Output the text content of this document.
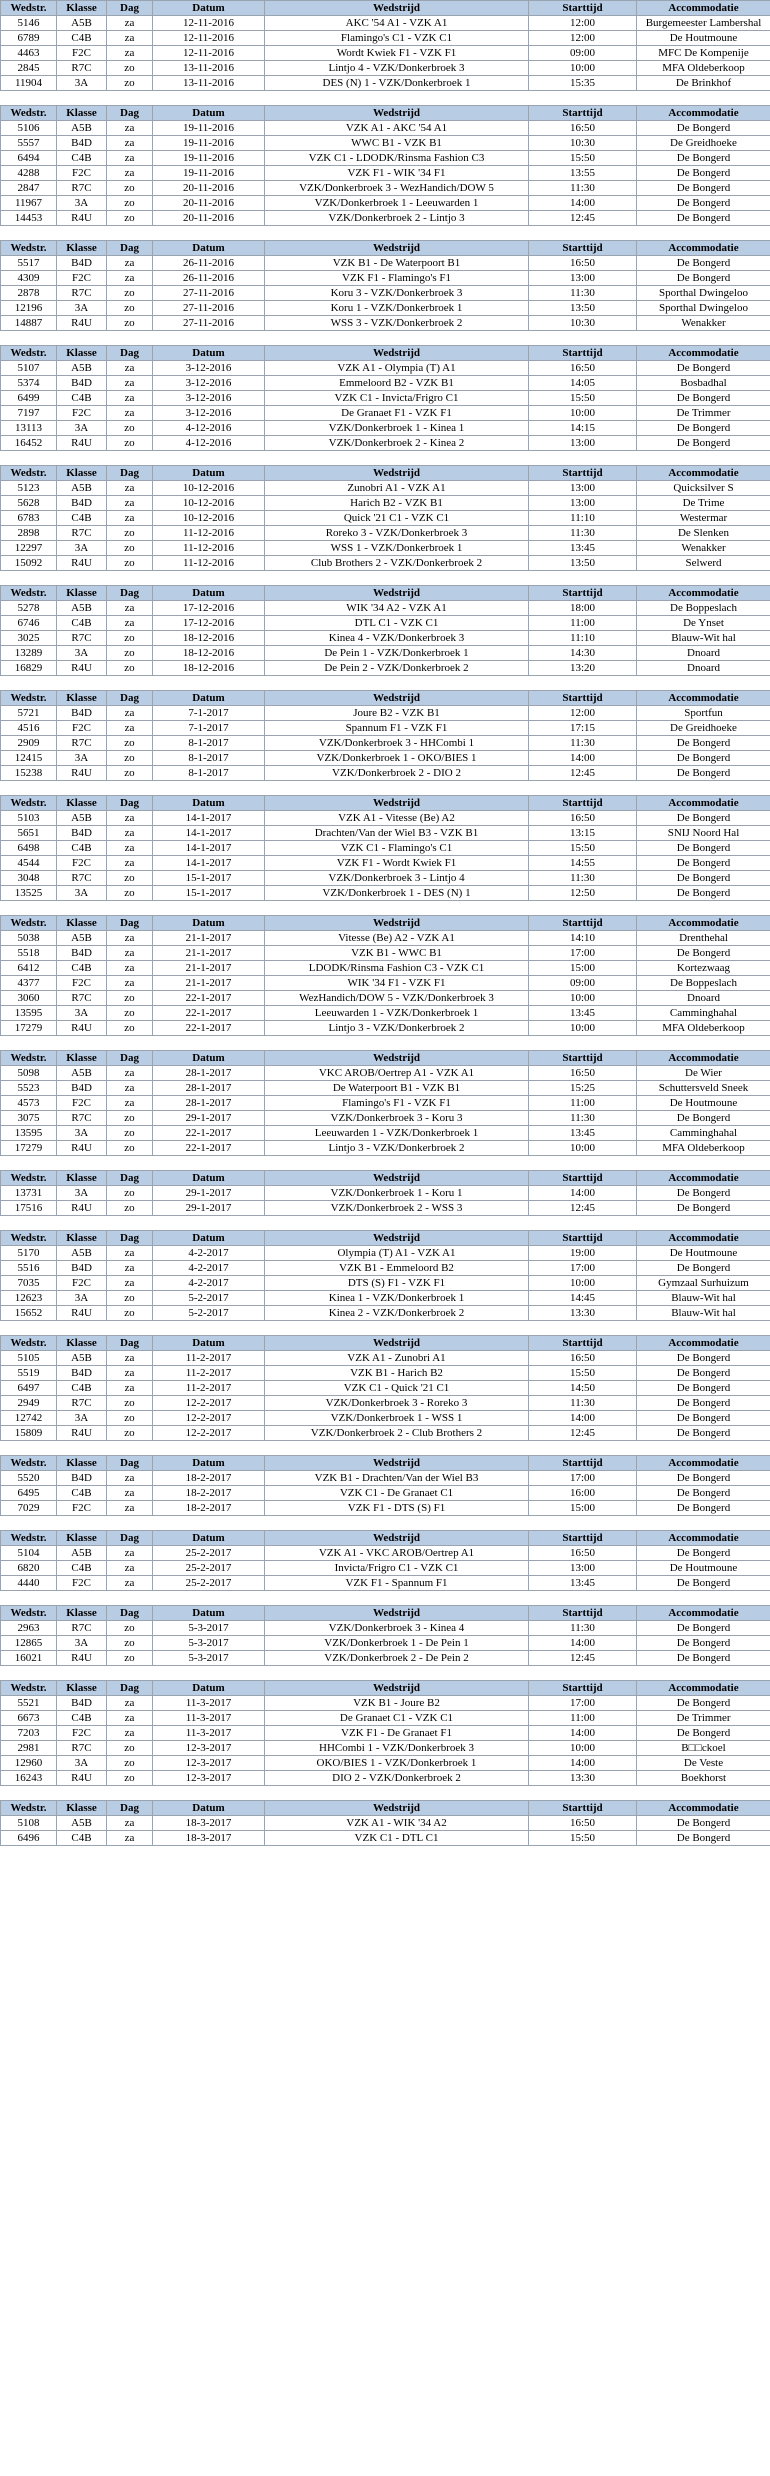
Wedstr.	Klasse	Dag	Datum	Wedstrijd	Starttijd	Accommodatie
5146	A5B	za	12-11-2016	AKC '54 A1 - VZK A1	12:00	Burgemeester Lambershal
6789	C4B	za	12-11-2016	Flamingo's C1 - VZK C1	12:00	De Houtmoune
4463	F2C	za	12-11-2016	Wordt Kwiek F1 - VZK F1	09:00	MFC De Kompenije
2845	R7C	zo	13-11-2016	Lintjo 4 - VZK/Donkerbroek 3	10:00	MFA Oldeberkoop
11904	3A	zo	13-11-2016	DES (N) 1 - VZK/Donkerbroek 1	15:35	De Brinkhof

Wedstr.	Klasse	Dag	Datum	Wedstrijd	Starttijd	Accommodatie
5106	A5B	za	19-11-2016	VZK A1 - AKC '54 A1	16:50	De Bongerd
5557	B4D	za	19-11-2016	WWC B1 - VZK B1	10:30	De Greidhoeke
6494	C4B	za	19-11-2016	VZK C1 - LDODK/Rinsma Fashion C3	15:50	De Bongerd
4288	F2C	za	19-11-2016	VZK F1 - WIK '34 F1	13:55	De Bongerd
2847	R7C	zo	20-11-2016	VZK/Donkerbroek 3 - WezHandich/DOW 5	11:30	De Bongerd
11967	3A	zo	20-11-2016	VZK/Donkerbroek 1 - Leeuwarden 1	14:00	De Bongerd
14453	R4U	zo	20-11-2016	VZK/Donkerbroek 2 - Lintjo 3	12:45	De Bongerd

Wedstr.	Klasse	Dag	Datum	Wedstrijd	Starttijd	Accommodatie
5517	B4D	za	26-11-2016	VZK B1 - De Waterpoort B1	16:50	De Bongerd
4309	F2C	za	26-11-2016	VZK F1 - Flamingo's F1	13:00	De Bongerd
2878	R7C	zo	27-11-2016	Koru 3 - VZK/Donkerbroek 3	11:30	Sporthal Dwingeloo
12196	3A	zo	27-11-2016	Koru 1 - VZK/Donkerbroek 1	13:50	Sporthal Dwingeloo
14887	R4U	zo	27-11-2016	WSS 3 - VZK/Donkerbroek 2	10:30	Wenakker

Wedstr.	Klasse	Dag	Datum	Wedstrijd	Starttijd	Accommodatie
5107	A5B	za	3-12-2016	VZK A1 - Olympia (T) A1	16:50	De Bongerd
5374	B4D	za	3-12-2016	Emmeloord B2 - VZK B1	14:05	Bosbadhal
6499	C4B	za	3-12-2016	VZK C1 - Invicta/Frigro C1	15:50	De Bongerd
7197	F2C	za	3-12-2016	De Granaet F1 - VZK F1	10:00	De Trimmer
13113	3A	zo	4-12-2016	VZK/Donkerbroek 1 - Kinea 1	14:15	De Bongerd
16452	R4U	zo	4-12-2016	VZK/Donkerbroek 2 - Kinea 2	13:00	De Bongerd

Wedstr.	Klasse	Dag	Datum	Wedstrijd	Starttijd	Accommodatie
5123	A5B	za	10-12-2016	Zunobri A1 - VZK A1	13:00	Quicksilver S
5628	B4D	za	10-12-2016	Harich B2 - VZK B1	13:00	De Trime
6783	C4B	za	10-12-2016	Quick '21 C1 - VZK C1	11:10	Westermar
2898	R7C	zo	11-12-2016	Roreko 3 - VZK/Donkerbroek 3	11:30	De Slenken
12297	3A	zo	11-12-2016	WSS 1 - VZK/Donkerbroek 1	13:45	Wenakker
15092	R4U	zo	11-12-2016	Club Brothers 2 - VZK/Donkerbroek 2	13:50	Selwerd

Wedstr.	Klasse	Dag	Datum	Wedstrijd	Starttijd	Accommodatie
5278	A5B	za	17-12-2016	WIK '34 A2 - VZK A1	18:00	De Boppeslach
6746	C4B	za	17-12-2016	DTL C1 - VZK C1	11:00	De Ynset
3025	R7C	zo	18-12-2016	Kinea 4 - VZK/Donkerbroek 3	11:10	Blauw-Wit hal
13289	3A	zo	18-12-2016	De Pein 1 - VZK/Donkerbroek 1	14:30	Dnoard
16829	R4U	zo	18-12-2016	De Pein 2 - VZK/Donkerbroek 2	13:20	Dnoard

Wedstr.	Klasse	Dag	Datum	Wedstrijd	Starttijd	Accommodatie
5721	B4D	za	7-1-2017	Joure B2 - VZK B1	12:00	Sportfun
4516	F2C	za	7-1-2017	Spannum F1 - VZK F1	17:15	De Greidhoeke
2909	R7C	zo	8-1-2017	VZK/Donkerbroek 3 - HHCombi 1	11:30	De Bongerd
12415	3A	zo	8-1-2017	VZK/Donkerbroek 1 - OKO/BIES 1	14:00	De Bongerd
15238	R4U	zo	8-1-2017	VZK/Donkerbroek 2 - DIO 2	12:45	De Bongerd

Wedstr.	Klasse	Dag	Datum	Wedstrijd	Starttijd	Accommodatie
5103	A5B	za	14-1-2017	VZK A1 - Vitesse (Be) A2	16:50	De Bongerd
5651	B4D	za	14-1-2017	Drachten/Van der Wiel B3 - VZK B1	13:15	SNIJ Noord Hal
6498	C4B	za	14-1-2017	VZK C1 - Flamingo's C1	15:50	De Bongerd
4544	F2C	za	14-1-2017	VZK F1 - Wordt Kwiek F1	14:55	De Bongerd
3048	R7C	zo	15-1-2017	VZK/Donkerbroek 3 - Lintjo 4	11:30	De Bongerd
13525	3A	zo	15-1-2017	VZK/Donkerbroek 1 - DES (N) 1	12:50	De Bongerd

Wedstr.	Klasse	Dag	Datum	Wedstrijd	Starttijd	Accommodatie
5038	A5B	za	21-1-2017	Vitesse (Be) A2 - VZK A1	14:10	Drenthehal
5518	B4D	za	21-1-2017	VZK B1 - WWC B1	17:00	De Bongerd
6412	C4B	za	21-1-2017	LDODK/Rinsma Fashion C3 - VZK C1	15:00	Kortezwaag
4377	F2C	za	21-1-2017	WIK '34 F1 - VZK F1	09:00	De Boppeslach
3060	R7C	zo	22-1-2017	WezHandich/DOW 5 - VZK/Donkerbroek 3	10:00	Dnoard
13595	3A	zo	22-1-2017	Leeuwarden 1 - VZK/Donkerbroek 1	13:45	Camminghahal
17279	R4U	zo	22-1-2017	Lintjo 3 - VZK/Donkerbroek 2	10:00	MFA Oldeberkoop

Wedstr.	Klasse	Dag	Datum	Wedstrijd	Starttijd	Accommodatie
5098	A5B	za	28-1-2017	VKC AROB/Oertrep A1 - VZK A1	16:50	De Wier
5523	B4D	za	28-1-2017	De Waterpoort B1 - VZK B1	15:25	Schuttersveld Sneek
4573	F2C	za	28-1-2017	Flamingo's F1 - VZK F1	11:00	De Houtmoune
3075	R7C	zo	29-1-2017	VZK/Donkerbroek 3 - Koru 3	11:30	De Bongerd
13595	3A	zo	22-1-2017	Leeuwarden 1 - VZK/Donkerbroek 1	13:45	Camminghahal
17279	R4U	zo	22-1-2017	Lintjo 3 - VZK/Donkerbroek 2	10:00	MFA Oldeberkoop

Wedstr.	Klasse	Dag	Datum	Wedstrijd	Starttijd	Accommodatie
13731	3A	zo	29-1-2017	VZK/Donkerbroek 1 - Koru 1	14:00	De Bongerd
17516	R4U	zo	29-1-2017	VZK/Donkerbroek 2 - WSS 3	12:45	De Bongerd

Wedstr.	Klasse	Dag	Datum	Wedstrijd	Starttijd	Accommodatie
5170	A5B	za	4-2-2017	Olympia (T) A1 - VZK A1	19:00	De Houtmoune
5516	B4D	za	4-2-2017	VZK B1 - Emmeloord B2	17:00	De Bongerd
7035	F2C	za	4-2-2017	DTS (S) F1 - VZK F1	10:00	Gymzaal Surhuizum
12623	3A	zo	5-2-2017	Kinea 1 - VZK/Donkerbroek 1	14:45	Blauw-Wit hal
15652	R4U	zo	5-2-2017	Kinea 2 - VZK/Donkerbroek 2	13:30	Blauw-Wit hal

Wedstr.	Klasse	Dag	Datum	Wedstrijd	Starttijd	Accommodatie
5105	A5B	za	11-2-2017	VZK A1 - Zunobri A1	16:50	De Bongerd
5519	B4D	za	11-2-2017	VZK B1 - Harich B2	15:50	De Bongerd
6497	C4B	za	11-2-2017	VZK C1 - Quick '21 C1	14:50	De Bongerd
2949	R7C	zo	12-2-2017	VZK/Donkerbroek 3 - Roreko 3	11:30	De Bongerd
12742	3A	zo	12-2-2017	VZK/Donkerbroek 1 - WSS 1	14:00	De Bongerd
15809	R4U	zo	12-2-2017	VZK/Donkerbroek 2 - Club Brothers 2	12:45	De Bongerd

Wedstr.	Klasse	Dag	Datum	Wedstrijd	Starttijd	Accommodatie
5520	B4D	za	18-2-2017	VZK B1 - Drachten/Van der Wiel B3	17:00	De Bongerd
6495	C4B	za	18-2-2017	VZK C1 - De Granaet C1	16:00	De Bongerd
7029	F2C	za	18-2-2017	VZK F1 - DTS (S) F1	15:00	De Bongerd

Wedstr.	Klasse	Dag	Datum	Wedstrijd	Starttijd	Accommodatie
5104	A5B	za	25-2-2017	VZK A1 - VKC AROB/Oertrep A1	16:50	De Bongerd
6820	C4B	za	25-2-2017	Invicta/Frigro C1 - VZK C1	13:00	De Houtmoune
4440	F2C	za	25-2-2017	VZK F1 - Spannum F1	13:45	De Bongerd

Wedstr.	Klasse	Dag	Datum	Wedstrijd	Starttijd	Accommodatie
2963	R7C	zo	5-3-2017	VZK/Donkerbroek 3 - Kinea 4	11:30	De Bongerd
12865	3A	zo	5-3-2017	VZK/Donkerbroek 1 - De Pein 1	14:00	De Bongerd
16021	R4U	zo	5-3-2017	VZK/Donkerbroek 2 - De Pein 2	12:45	De Bongerd

Wedstr.	Klasse	Dag	Datum	Wedstrijd	Starttijd	Accommodatie
5521	B4D	za	11-3-2017	VZK B1 - Joure B2	17:00	De Bongerd
6673	C4B	za	11-3-2017	De Granaet C1 - VZK C1	11:00	De Trimmer
7203	F2C	za	11-3-2017	VZK F1 - De Granaet F1	14:00	De Bongerd
2981	R7C	zo	12-3-2017	HHCombi 1 - VZK/Donkerbroek 3	10:00	B□□ckoel
12960	3A	zo	12-3-2017	OKO/BIES 1 - VZK/Donkerbroek 1	14:00	De Veste
16243	R4U	zo	12-3-2017	DIO 2 - VZK/Donkerbroek 2	13:30	Boekhorst

Wedstr.	Klasse	Dag	Datum	Wedstrijd	Starttijd	Accommodatie
5108	A5B	za	18-3-2017	VZK A1 - WIK '34 A2	16:50	De Bongerd
6496	C4B	za	18-3-2017	VZK C1 - DTL C1	15:50	De Bongerd
